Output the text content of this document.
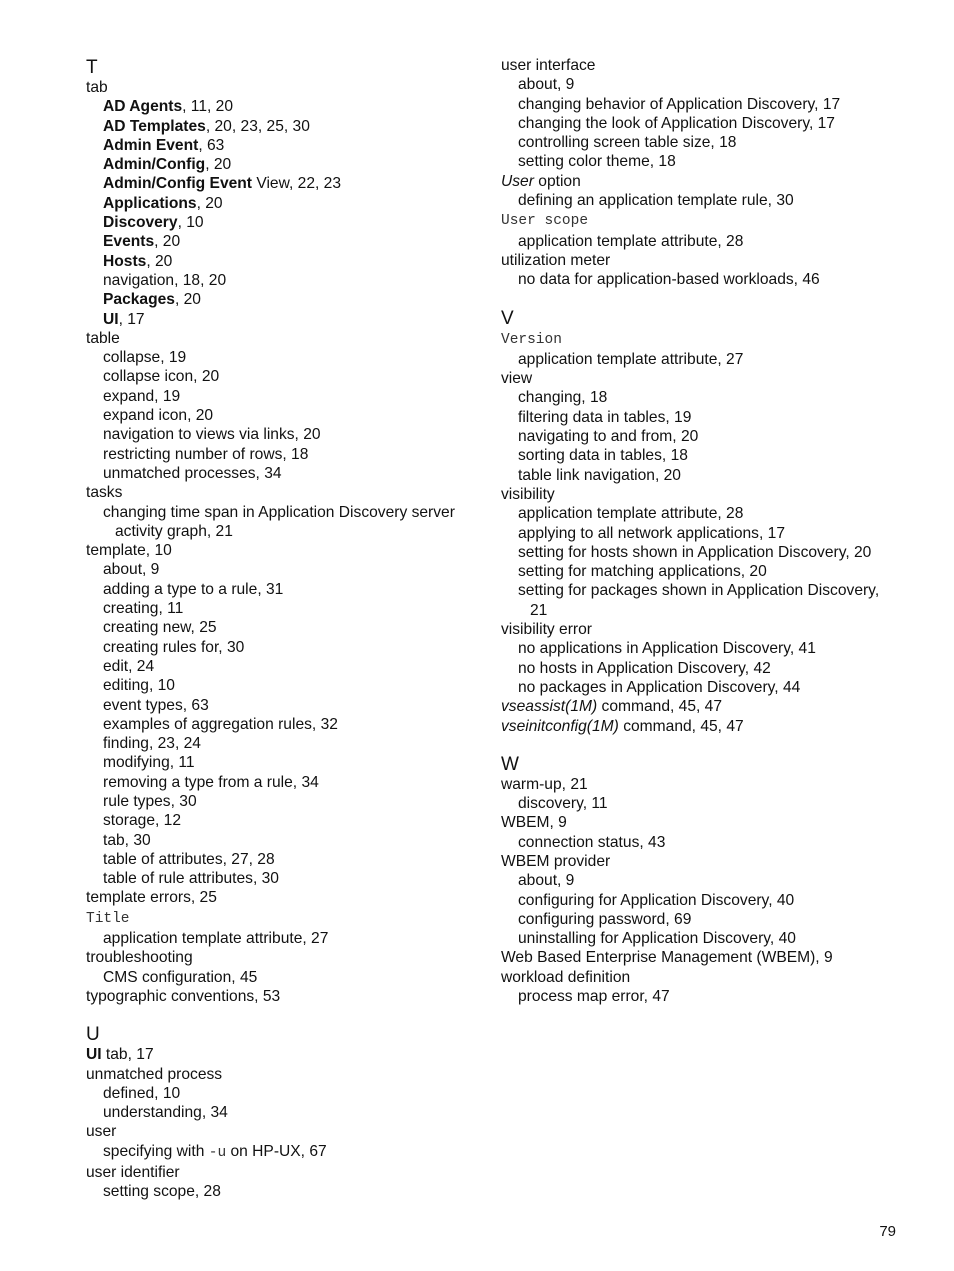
T
tab
AD Agents, 11, 20
AD Templates, 20, 23, 25, 30
Admin Event, 63
Admin/Config, 20
Admin/Config Event View, 22, 23
Applications, 20
Discovery, 10
Events, 20
Hosts, 20
navigation, 18, 20
Packages, 20
UI, 17
table
collapse, 19
collapse icon, 20
expand, 19
expand icon, 20
navigation to views via links, 20
restricting number of rows, 18
unmatched processes, 34
tasks
changing time span in Application Discovery server
activity graph, 21
template, 10
about, 9
adding a type to a rule, 31
creating, 11
creating new, 25
creating rules for, 30
edit, 24
editing, 10
event types, 63
examples of aggregation rules, 32
finding, 23, 24
modifying, 11
removing a type from a rule, 34
rule types, 30
storage, 12
tab, 30
table of attributes, 27, 28
table of rule attributes, 30
template errors, 25
Title
application template attribute, 27
troubleshooting
CMS configuration, 45
typographic conventions, 53
U
UI tab, 17
unmatched process
defined, 10
understanding, 34
user
specifying with -u on HP-UX, 67
user identifier
setting scope, 28
user interface
about, 9
changing behavior of Application Discovery, 17
changing the look of Application Discovery, 17
controlling screen table size, 18
setting color theme, 18
User option
defining an application template rule, 30
User scope
application template attribute, 28
utilization meter
no data for application-based workloads, 46
V
Version
application template attribute, 27
view
changing, 18
filtering data in tables, 19
navigating to and from, 20
sorting data in tables, 18
table link navigation, 20
visibility
application template attribute, 28
applying to all network applications, 17
setting for hosts shown in Application Discovery, 20
setting for matching applications, 20
setting for packages shown in Application Discovery,
21
visibility error
no applications in Application Discovery, 41
no hosts in Application Discovery, 42
no packages in Application Discovery, 44
vseassist(1M) command, 45, 47
vseinitconfig(1M) command, 45, 47
W
warm-up, 21
discovery, 11
WBEM, 9
connection status, 43
WBEM provider
about, 9
configuring for Application Discovery, 40
configuring password, 69
uninstalling for Application Discovery, 40
Web Based Enterprise Management (WBEM), 9
workload definition
process map error, 47
79
